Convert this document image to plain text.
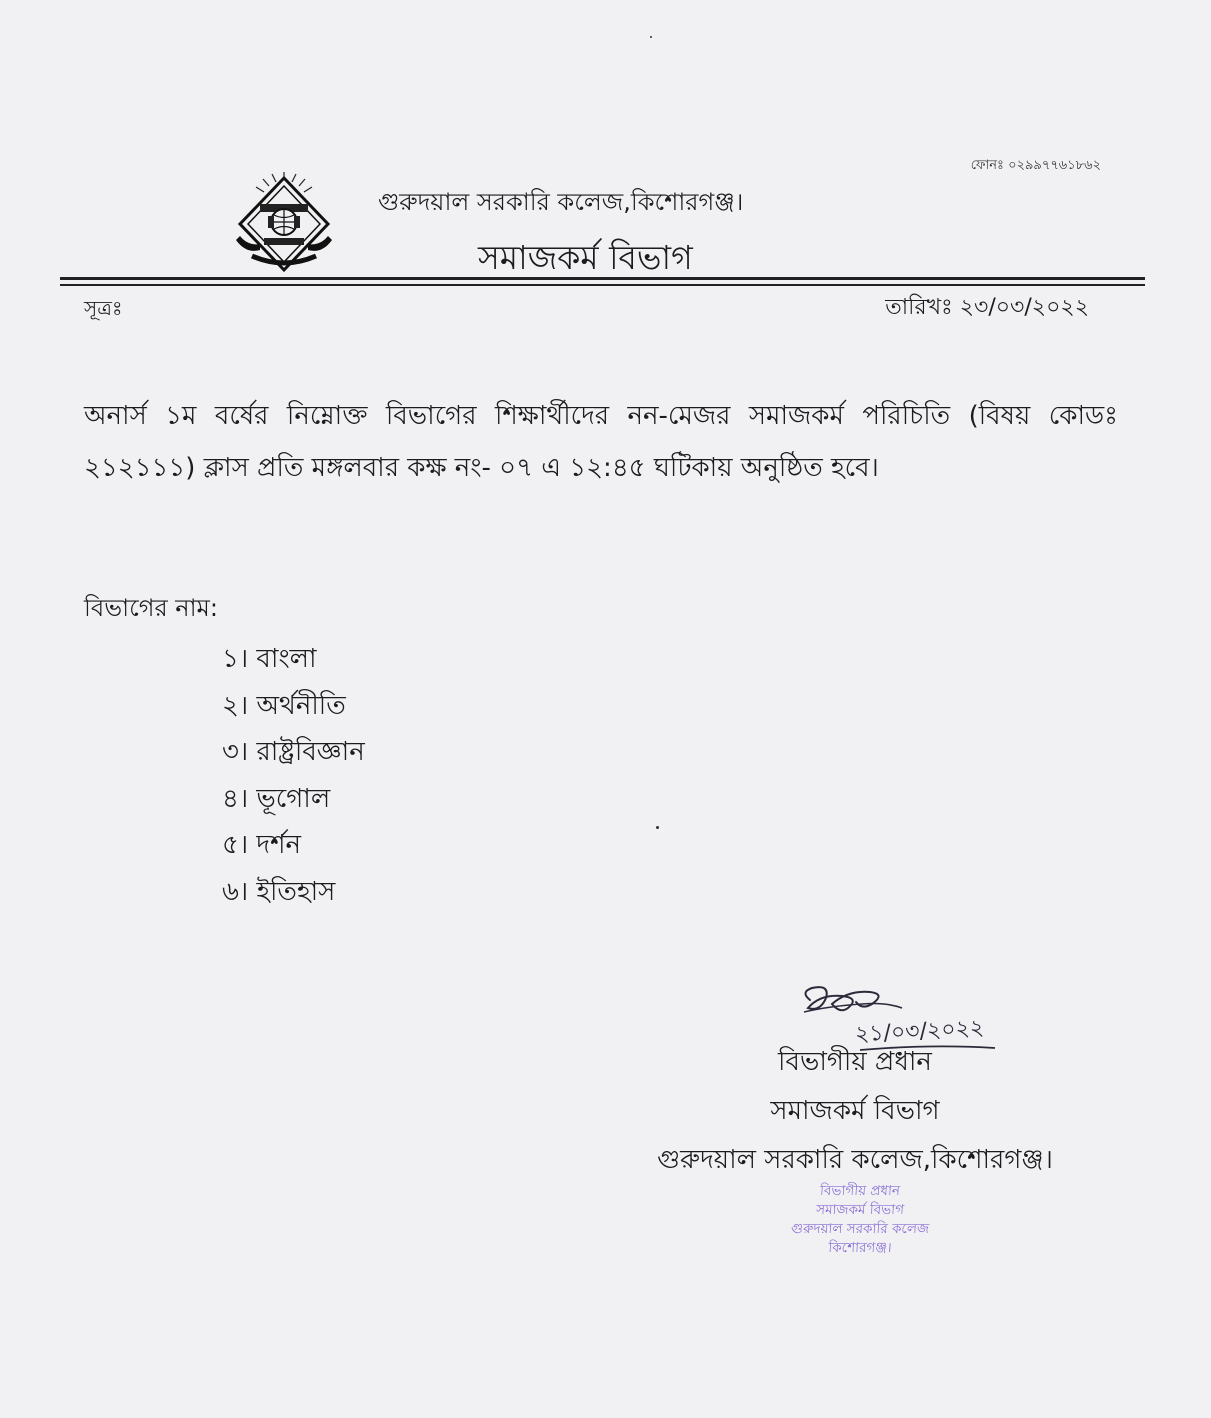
ফোনঃ ০২৯৯৭৭৬১৮৬২
গুরুদয়াল সরকারি কলেজ,কিশোরগঞ্জ।
সমাজকর্ম বিভাগ
সূত্রঃ	তারিখঃ ২৩/০৩/২০২২
অনার্স ১ম বর্ষের নিম্নোক্ত বিভাগের শিক্ষার্থীদের নন-মেজর সমাজকর্ম পরিচিতি (বিষয় কোডঃ ২১২১১১) ক্লাস প্রতি মঙ্গলবার কক্ষ নং- ০৭ এ ১২:৪৫ ঘটিকায় অনুষ্ঠিত হবে।
বিভাগের নাম:
১। বাংলা
২। অর্থনীতি
৩। রাষ্ট্রবিজ্ঞান
৪। ভূগোল
৫। দর্শন
৬। ইতিহাস
২১/০৩/২০২২
বিভাগীয় প্রধান
সমাজকর্ম বিভাগ
গুরুদয়াল সরকারি কলেজ,কিশোরগঞ্জ।
বিভাগীয় প্রধান
সমাজকর্ম বিভাগ
গুরুদয়াল সরকারি কলেজ
কিশোরগঞ্জ।
